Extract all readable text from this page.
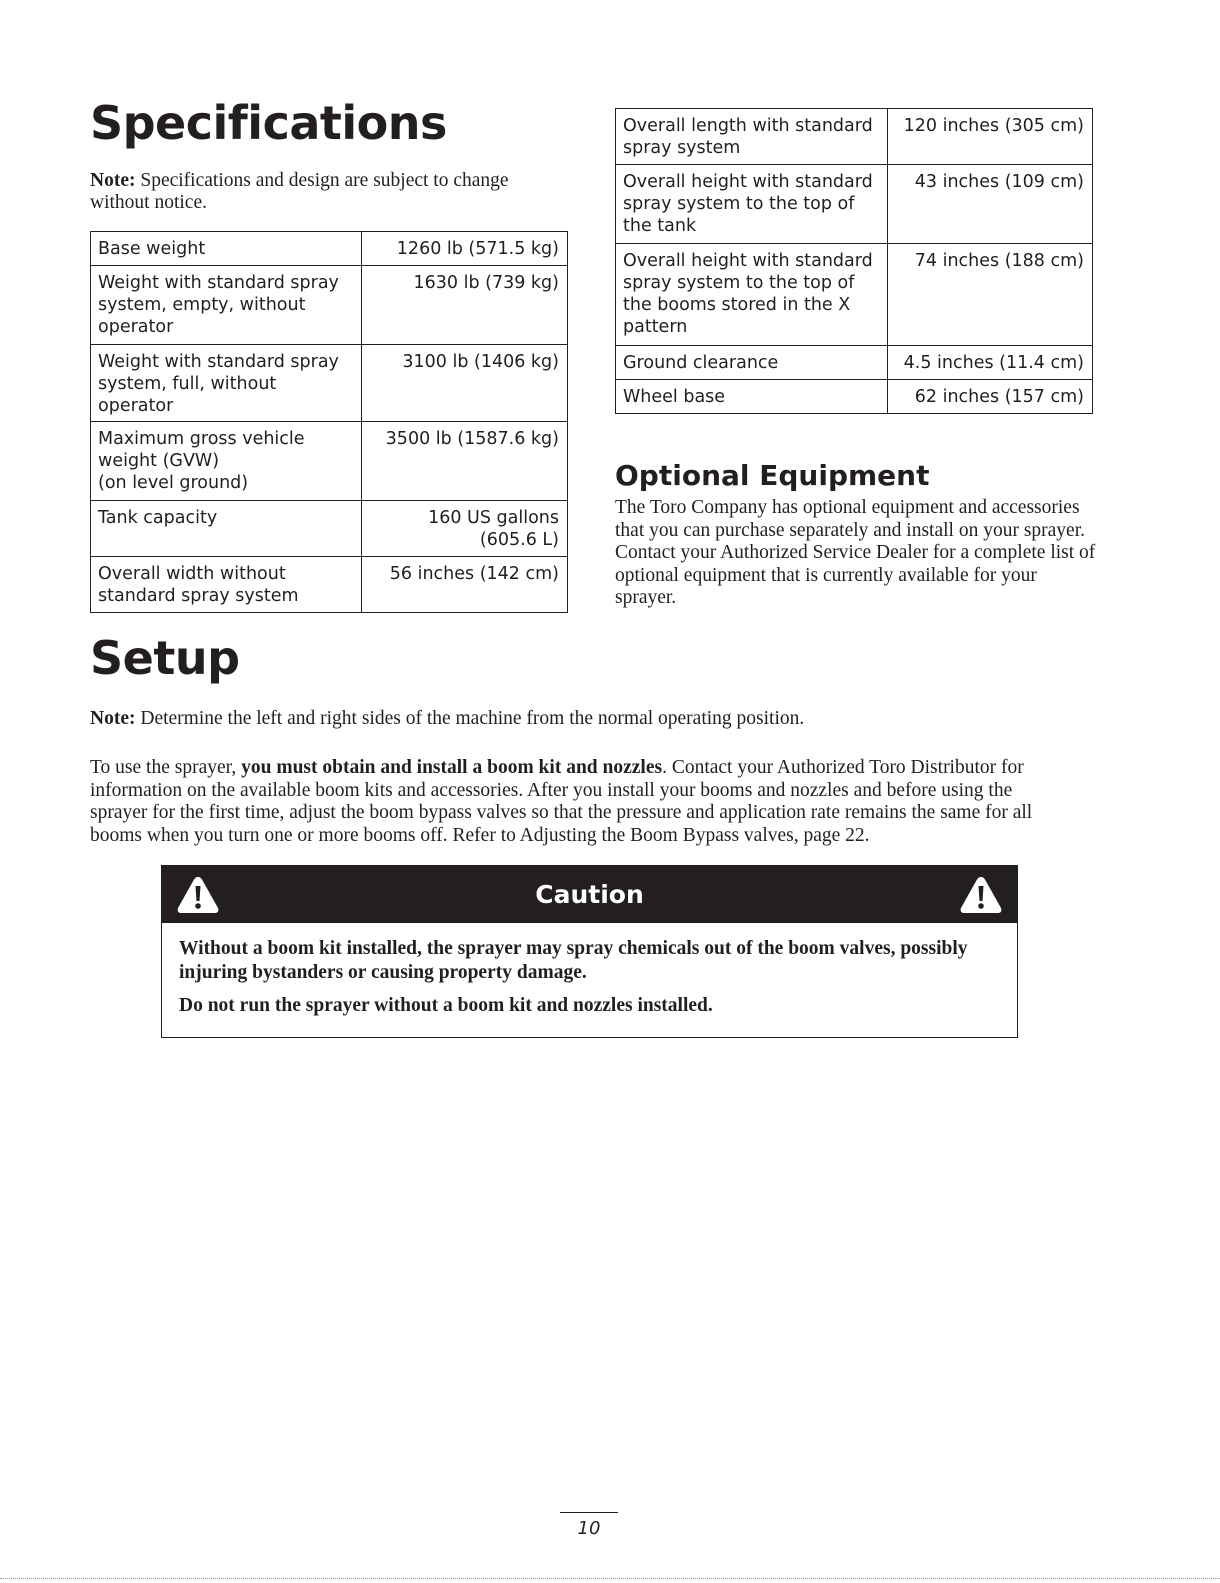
Specifications
Note: Specifications and design are subject to change without notice.
Base weight	1260 lb (571.5 kg)
Weight with standard spray system, empty, without operator	1630 lb (739 kg)
Weight with standard spray system, full, without operator	3100 lb (1406 kg)
Maximum gross vehicle weight (GVW)
(on level ground)	3500 lb (1587.6 kg)
Tank capacity	160 US gallons
(605.6 L)
Overall width without standard spray system	56 inches (142 cm)
Overall length with standard spray system	120 inches (305 cm)
Overall height with standard spray system to the top of the tank	43 inches (109 cm)
Overall height with standard spray system to the top of the booms stored in the X pattern	74 inches (188 cm)
Ground clearance	4.5 inches (11.4 cm)
Wheel base	62 inches (157 cm)
Optional Equipment
The Toro Company has optional equipment and accessories that you can purchase separately and install on your sprayer. Contact your Authorized Service Dealer for a complete list of optional equipment that is currently available for your sprayer.
Setup
Note: Determine the left and right sides of the machine from the normal operating position.
To use the sprayer, you must obtain and install a boom kit and nozzles. Contact your Authorized Toro Distributor for information on the available boom kits and accessories. After you install your booms and nozzles and before using the sprayer for the first time, adjust the boom bypass valves so that the pressure and application rate remains the same for all booms when you turn one or more booms off. Refer to Adjusting the Boom Bypass valves, page 22.
Caution

Without a boom kit installed, the sprayer may spray chemicals out of the boom valves, possibly injuring bystanders or causing property damage.

Do not run the sprayer without a boom kit and nozzles installed.

10
